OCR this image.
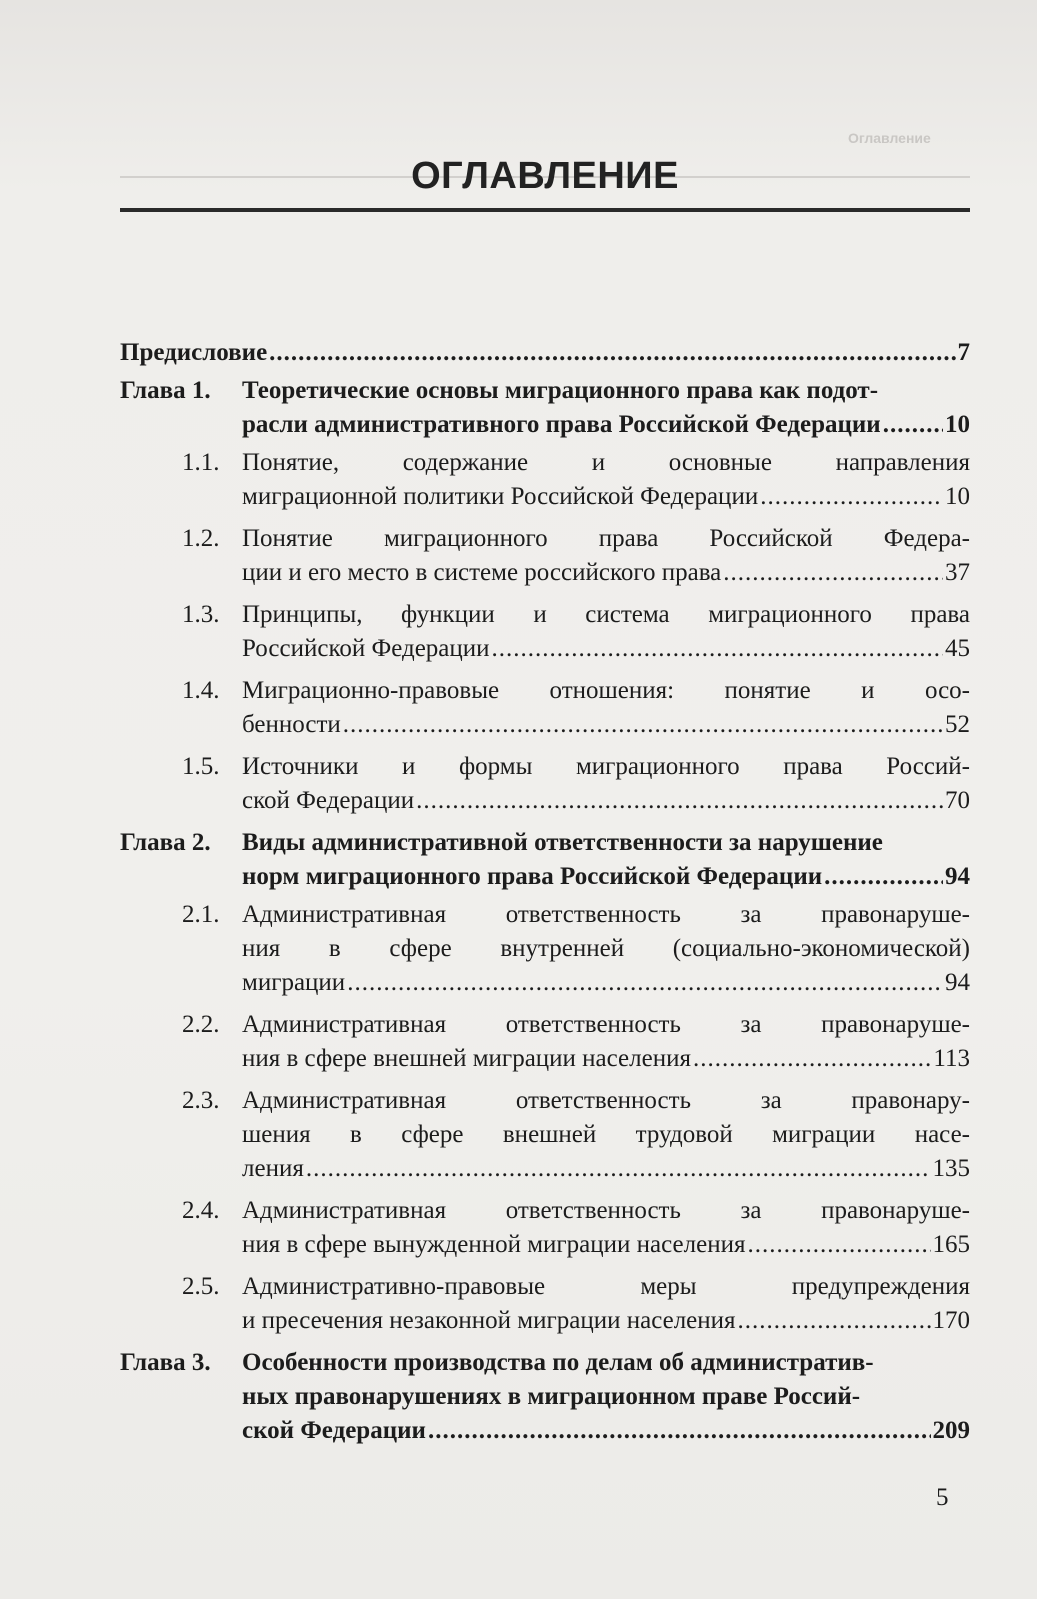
Оглавление
ОГЛАВЛЕНИЕ
Предисловие .....	7
Глава 1. Теоретические основы миграционного права как подот-
расли административного права Российской Федерации .....	10
1.1. Понятие, содержание и основные направления
миграционной политики Российской Федерации .....	10
1.2. Понятие миграционного права Российской Федера-
ции и его место в системе российского права .....	37
1.3. Принципы, функции и система миграционного права
Российской Федерации .....	45
1.4. Миграционно-правовые отношения: понятие и осо-
бенности .....	52
1.5. Источники и формы миграционного права Россий-
ской Федерации .....	70
Глава 2. Виды административной ответственности за нарушение
норм миграционного права Российской Федерации .....	94
2.1. Административная ответственность за правонаруше-
ния в сфере внутренней (социально-экономической)
миграции .....	94
2.2. Административная ответственность за правонаруше-
ния в сфере внешней миграции населения .....	113
2.3. Административная ответственность за правонару-
шения в сфере внешней трудовой миграции насе-
ления .....	135
2.4. Административная ответственность за правонаруше-
ния в сфере вынужденной миграции населения .....	165
2.5. Административно-правовые меры предупреждения
и пресечения незаконной миграции населения .....	170
Глава 3. Особенности производства по делам об административ-
ных правонарушениях в миграционном праве Россий-
ской Федерации .....	209
5
